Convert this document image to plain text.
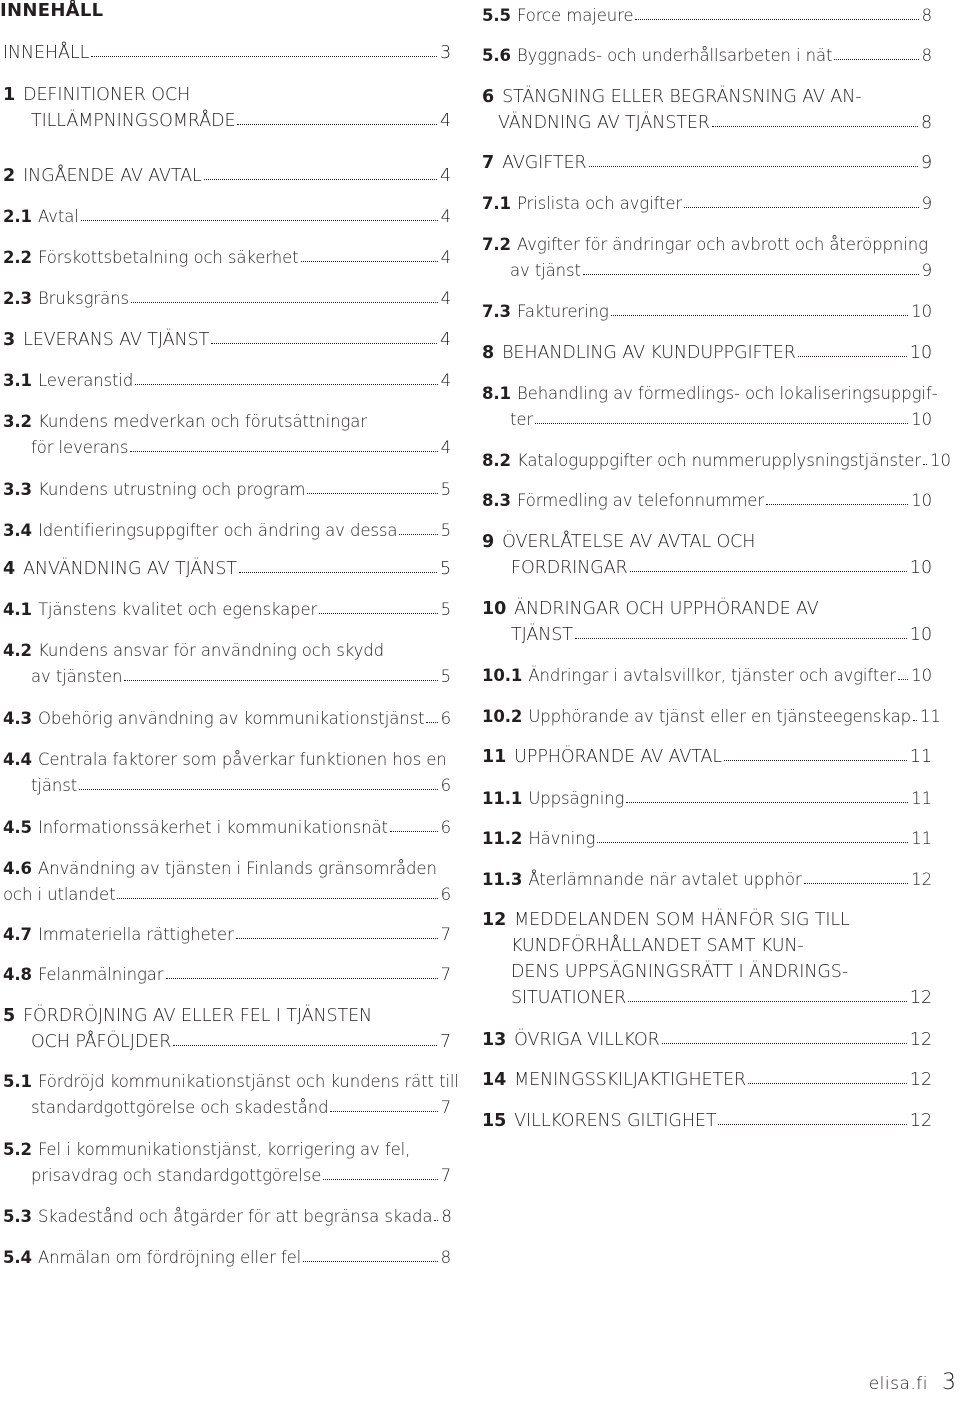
INNEHÅLL
INNEHÅLL	3
1 DEFINITIONER OCH
TILLÄMPNINGSOMRÅDE	4
2 INGÅENDE AV AVTAL	4
2.1 Avtal	4
2.2 Förskottsbetalning och säkerhet	4
2.3 Bruksgräns	4
3 LEVERANS AV TJÄNST	4
3.1 Leveranstid	4
3.2 Kundens medverkan och förutsättningar
för leverans	4
3.3 Kundens utrustning och program	5
3.4 Identifieringsuppgifter och ändring av dessa	5
4 ANVÄNDNING AV TJÄNST	5
4.1 Tjänstens kvalitet och egenskaper	5
4.2 Kundens ansvar för användning och skydd
av tjänsten	5
4.3 Obehörig användning av kommunikationstjänst 6
4.4 Centrala faktorer som påverkar funktionen hos en
tjänst	6
4.5 Informationssäkerhet i kommunikationsnät	6
4.6 Användning av tjänsten i Finlands gränsområden
och i utlandet	6
4.7 Immateriella rättigheter	7
4.8 Felanmälningar	7
5 FÖRDRÖJNING AV ELLER FEL I TJÄNSTEN
OCH PÅFÖLJDER	7
5.1 Fördröjd kommunikationstjänst och kundens rätt till
standardgottgörelse och skadestånd	7
5.2 Fel i kommunikationstjänst, korrigering av fel,
prisavdrag och standardgottgörelse	7
5.3 Skadestånd och åtgärder för att begränsa skada 8
5.4 Anmälan om fördröjning eller fel	8
5.5 Force majeure	8
5.6 Byggnads- och underhållsarbeten i nät	8
6 STÄNGNING ELLER BEGRÄNSNING AV AN-
VÄNDNING AV TJÄNSTER	8
7 AVGIFTER	9
7.1 Prislista och avgifter	9
7.2 Avgifter för ändringar och avbrott och återöppning
av tjänst	9
7.3 Fakturering	10
8 BEHANDLING AV KUNDUPPGIFTER	10
8.1 Behandling av förmedlings- och lokaliseringsuppgif-
ter	10
8.2 Kataloguppgifter och nummerupplysningstjänster 10
8.3 Förmedling av telefonnummer	10
9 ÖVERLÅTELSE AV AVTAL OCH
FORDRINGAR	10
10 ÄNDRINGAR OCH UPPHÖRANDE AV
TJÄNST	10
10.1 Ändringar i avtalsvillkor, tjänster och avgifter 10
10.2 Upphörande av tjänst eller en tjänsteegenskap 11
11 UPPHÖRANDE AV AVTAL	11
11.1 Uppsägning	11
11.2 Hävning	11
11.3 Återlämnande när avtalet upphör	12
12 MEDDELANDEN SOM HÄNFÖR SIG TILL
KUNDFÖRHÅLLANDET SAMT KUN-
DENS UPPSÄGNINGSRÄTT I ÄNDRINGS-
SITUATIONER	12
13 ÖVRIGA VILLKOR	12
14 MENINGSSKILJAKTIGHETER	12
15 VILLKORENS GILTIGHET	12
elisa.fi 3
